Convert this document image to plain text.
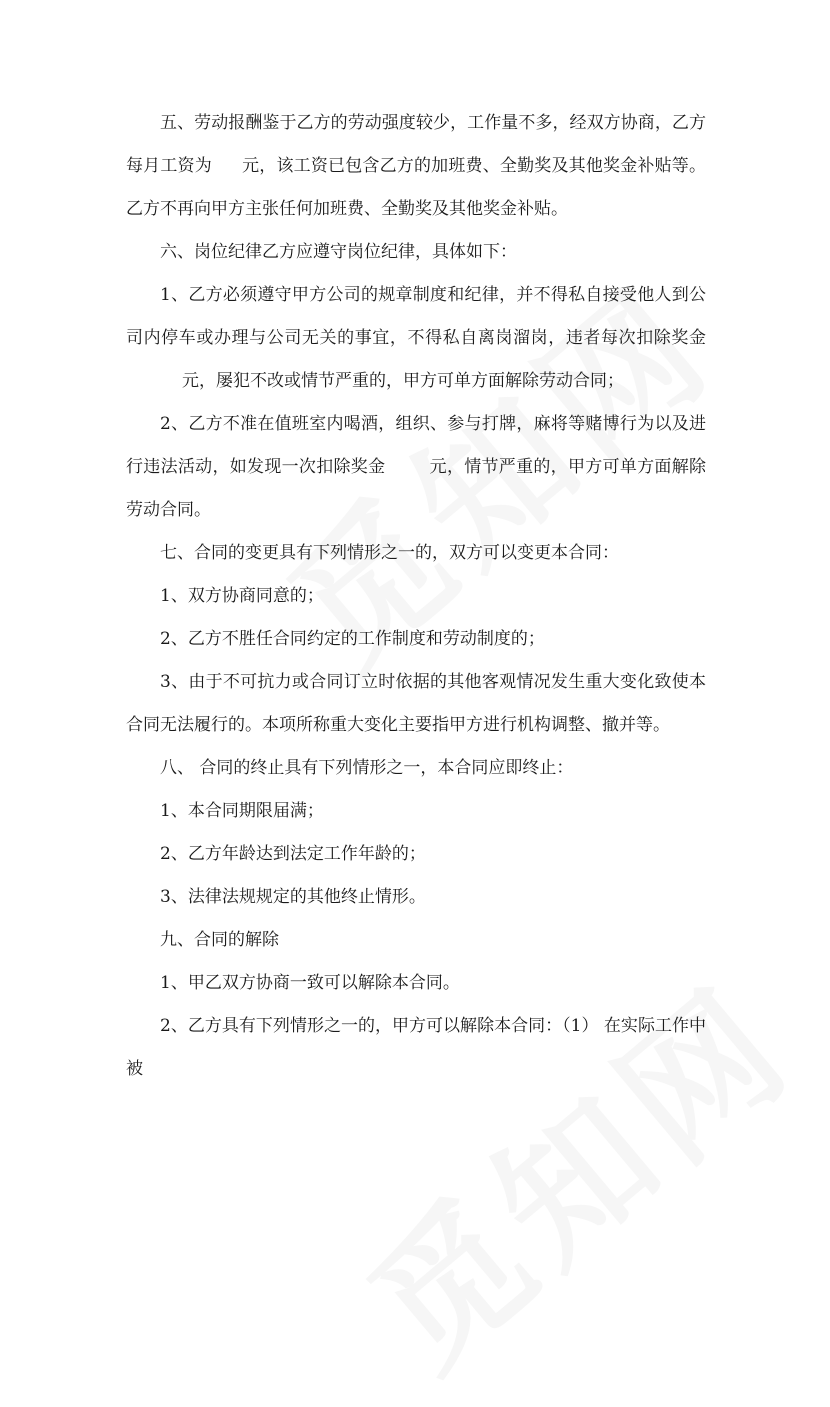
五、劳动报酬鉴于乙方的劳动强度较少，工作量不多，经双方协商，乙方每月工资为 元，该工资已包含乙方的加班费、全勤奖及其他奖金补贴等。乙方不再向甲方主张任何加班费、全勤奖及其他奖金补贴。

六、岗位纪律乙方应遵守岗位纪律，具体如下：

1、乙方必须遵守甲方公司的规章制度和纪律，并不得私自接受他人到公司内停车或办理与公司无关的事宜，不得私自离岗溜岗，违者每次扣除奖金元，屡犯不改或情节严重的，甲方可单方面解除劳动合同；

2、乙方不准在值班室内喝酒，组织、参与打牌，麻将等赌博行为以及进行违法活动，如发现一次扣除奖金	元，情节严重的，甲方可单方面解除劳动合同。

七、合同的变更具有下列情形之一的，双方可以变更本合同：

1、双方协商同意的；

2、乙方不胜任合同约定的工作制度和劳动制度的；

3、由于不可抗力或合同订立时依据的其他客观情况发生重大变化致使本合同无法履行的。本项所称重大变化主要指甲方进行机构调整、撤并等。

八、 合同的终止具有下列情形之一，本合同应即终止：

1、本合同期限届满；

2、乙方年龄达到法定工作年龄的；

3、法律法规规定的其他终止情形。

九、合同的解除

1、甲乙双方协商一致可以解除本合同。

2、乙方具有下列情形之一的，甲方可以解除本合同：（1） 在实际工作中被
